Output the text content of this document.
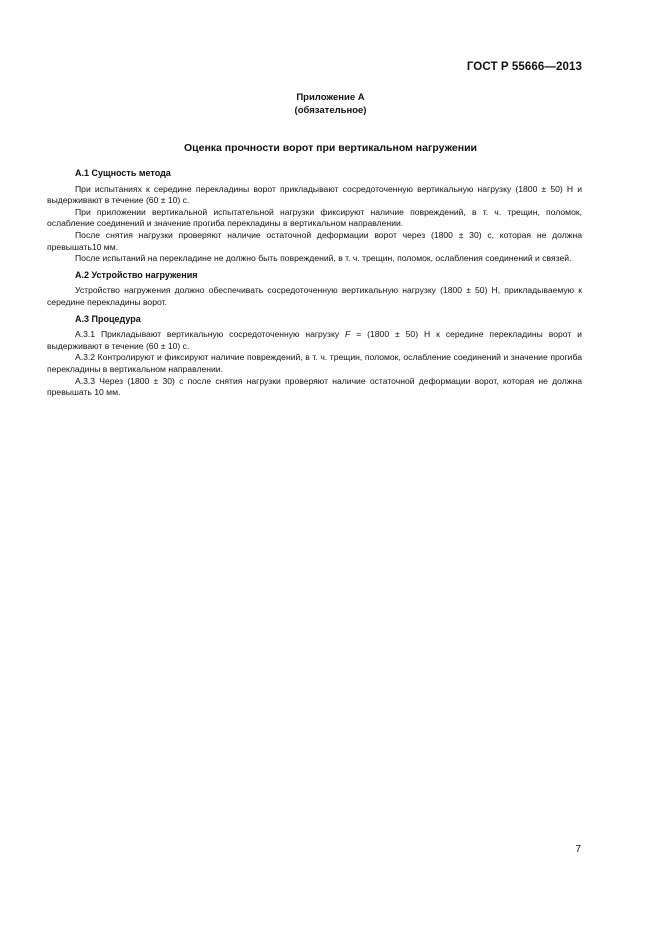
ГОСТ Р 55666—2013
Приложение А
(обязательное)
Оценка прочности ворот при вертикальном нагружении
А.1 Сущность метода

При испытаниях к середине перекладины ворот прикладывают сосредоточенную вертикальную нагрузку (1800 ± 50) Н и выдерживают в течение (60 ± 10) с.

При приложении вертикальной испытательной нагрузки фиксируют наличие повреждений, в т. ч. трещин, поломок, ослабление соединений и значение прогиба перекладины в вертикальном направлении.

После снятия нагрузки проверяют наличие остаточной деформации ворот через (1800 ± 30) с, которая не должна превышать10 мм.

После испытаний на перекладине не должно быть повреждений, в т. ч. трещин, поломок, ослабления соединений и связей.

А.2 Устройство нагружения

Устройство нагружения должно обеспечивать сосредоточенную вертикальную нагрузку (1800 ± 50) Н, прикладываемую к середине перекладины ворот.

А.3 Процедура

А.3.1 Прикладывают вертикальную сосредоточенную нагрузку F = (1800 ± 50) Н к середине перекладины ворот и выдерживают в течение (60 ± 10) с.

А.3.2 Контролируют и фиксируют наличие повреждений, в т. ч. трещин, поломок, ослабление соединений и значение прогиба перекладины в вертикальном направлении.

А.3.3 Через (1800 ± 30) с после снятия нагрузки проверяют наличие остаточной деформации ворот, которая не должна превышать 10 мм.

7
